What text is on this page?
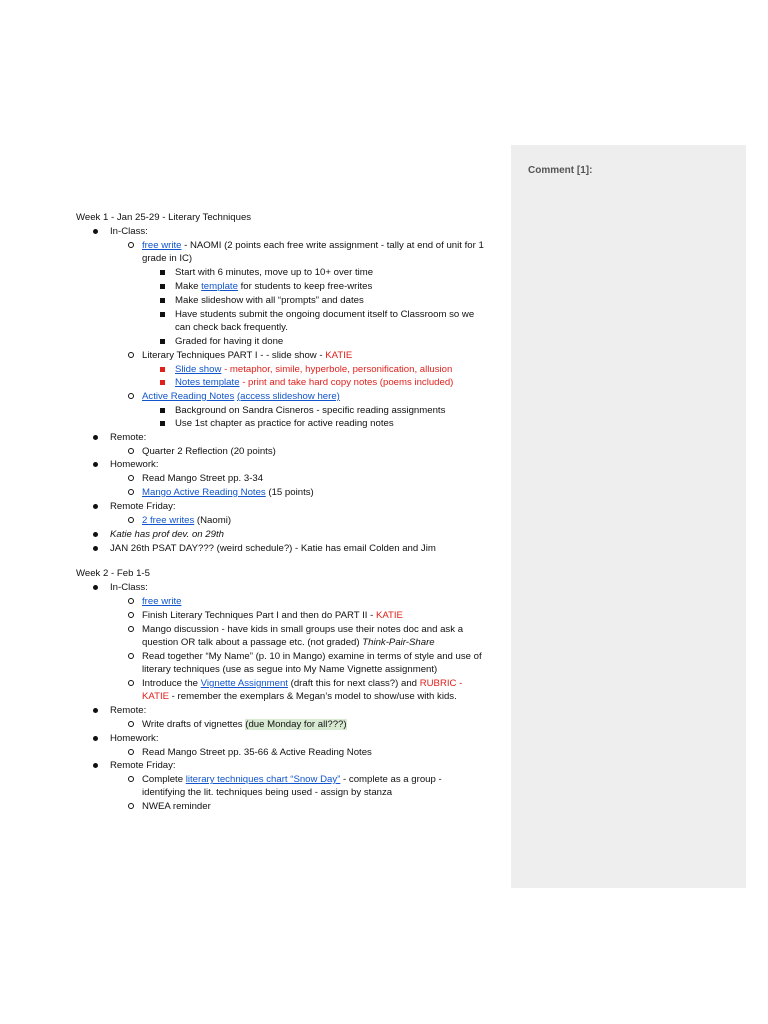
Comment [1]:
Week 1 - Jan 25-29 - Literary Techniques
In-Class:
free write - NAOMI (2 points each free write assignment - tally at end of unit for 1
grade in IC)
Start with 6 minutes, move up to 10+ over time
Make template for students to keep free-writes
Make slideshow with all “prompts” and dates
Have students submit the ongoing document itself to Classroom so we
can check back frequently.
Graded for having it done
Literary Techniques PART I - - slide show - KATIE
Slide show - metaphor, simile, hyperbole, personification, allusion
Notes template - print and take hard copy notes (poems included)
Active Reading Notes (access slideshow here)
Background on Sandra Cisneros - specific reading assignments
Use 1st chapter as practice for active reading notes
Remote:
Quarter 2 Reflection (20 points)
Homework:
Read Mango Street pp. 3-34
Mango Active Reading Notes (15 points)
Remote Friday:
2 free writes (Naomi)
Katie has prof dev. on 29th
JAN 26th PSAT DAY??? (weird schedule?) - Katie has email Colden and Jim
Week 2 - Feb 1-5
In-Class:
free write
Finish Literary Techniques Part I and then do PART II - KATIE
Mango discussion - have kids in small groups use their notes doc and ask a
question OR talk about a passage etc. (not graded) Think-Pair-Share
Read together “My Name” (p. 10 in Mango) examine in terms of style and use of
literary techniques (use as segue into My Name Vignette assignment)
Introduce the Vignette Assignment (draft this for next class?) and RUBRIC -
KATIE - remember the exemplars & Megan’s model to show/use with kids.
Remote:
Write drafts of vignettes (due Monday for all???)
Homework:
Read Mango Street pp. 35-66 & Active Reading Notes
Remote Friday:
Complete literary techniques chart “Snow Day” - complete as a group -
identifying the lit. techniques being used - assign by stanza
NWEA reminder
